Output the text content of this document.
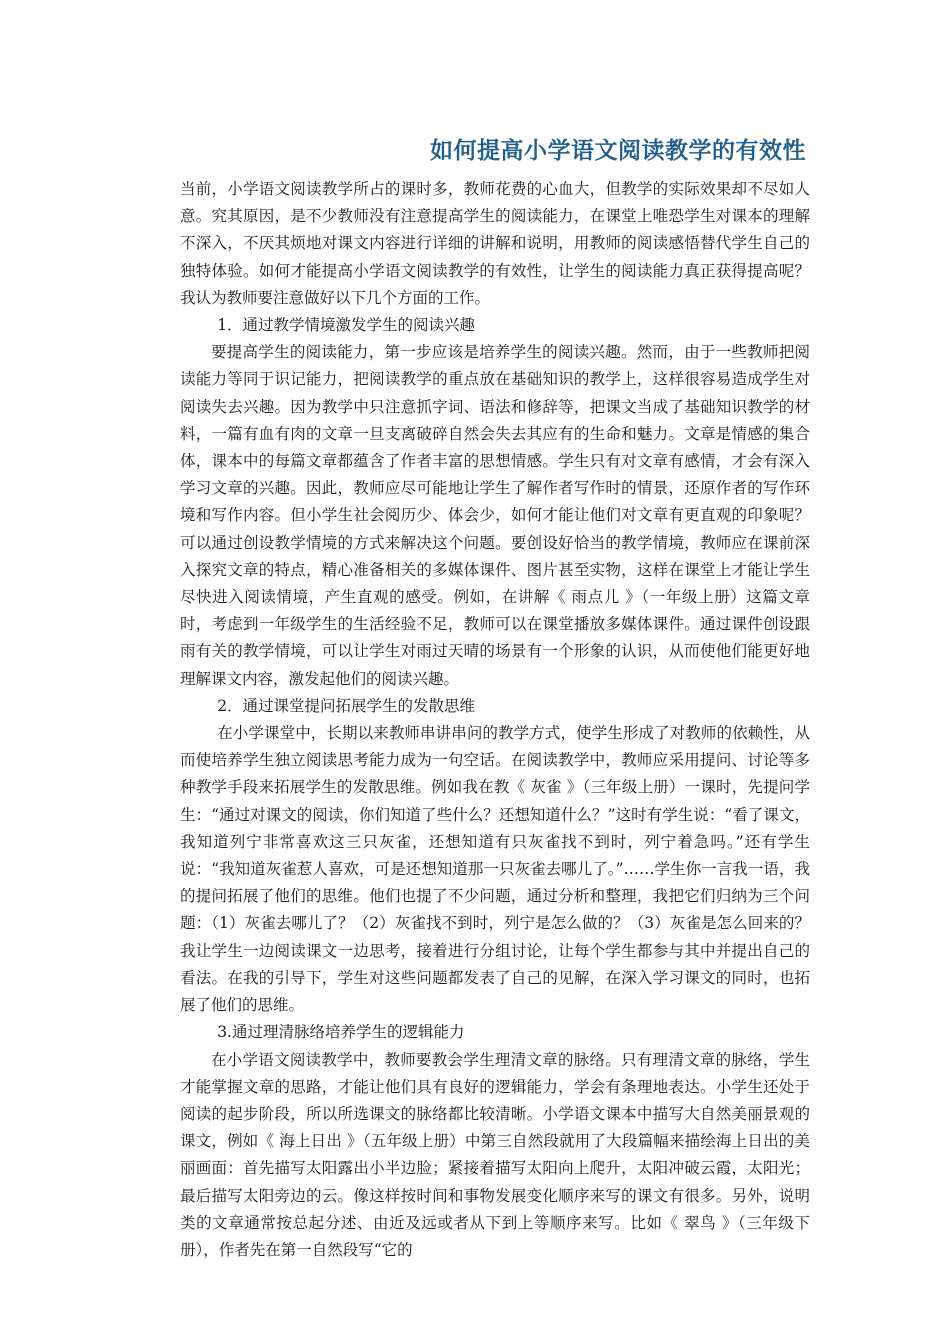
如何提高小学语文阅读教学的有效性

当前，小学语文阅读教学所占的课时多，教师花费的心血大，但教学的实际效果却不尽如人意。究其原因，是不少教师没有注意提高学生的阅读能力，在课堂上唯恐学生对课本的理解不深入，不厌其烦地对课文内容进行详细的讲解和说明，用教师的阅读感悟替代学生自己的独特体验。如何才能提高小学语文阅读教学的有效性，让学生的阅读能力真正获得提高呢？我认为教师要注意做好以下几个方面的工作。

1．通过教学情境激发学生的阅读兴趣

要提高学生的阅读能力，第一步应该是培养学生的阅读兴趣。然而，由于一些教师把阅读能力等同于识记能力，把阅读教学的重点放在基础知识的教学上，这样很容易造成学生对阅读失去兴趣。因为教学中只注意抓字词、语法和修辞等，把课文当成了基础知识教学的材料，一篇有血有肉的文章一旦支离破碎自然会失去其应有的生命和魅力。文章是情感的集合体，课本中的每篇文章都蕴含了作者丰富的思想情感。学生只有对文章有感情，才会有深入学习文章的兴趣。因此，教师应尽可能地让学生了解作者写作时的情景，还原作者的写作环境和写作内容。但小学生社会阅历少、体会少，如何才能让他们对文章有更直观的印象呢？可以通过创设教学情境的方式来解决这个问题。要创设好恰当的教学情境，教师应在课前深入探究文章的特点，精心准备相关的多媒体课件、图片甚至实物，这样在课堂上才能让学生尽快进入阅读情境，产生直观的感受。例如，在讲解《 雨点儿 》（一年级上册）这篇文章时，考虑到一年级学生的生活经验不足，教师可以在课堂播放多媒体课件。通过课件创设跟雨有关的教学情境，可以让学生对雨过天晴的场景有一个形象的认识，从而使他们能更好地理解课文内容，激发起他们的阅读兴趣。

2．通过课堂提问拓展学生的发散思维

在小学课堂中，长期以来教师串讲串问的教学方式，使学生形成了对教师的依赖性，从而使培养学生独立阅读思考能力成为一句空话。在阅读教学中，教师应采用提问、讨论等多种教学手段来拓展学生的发散思维。例如我在教《 灰雀 》（三年级上册）一课时，先提问学生：“通过对课文的阅读，你们知道了些什么？还想知道什么？”这时有学生说：“看了课文，我知道列宁非常喜欢这三只灰雀，还想知道有只灰雀找不到时，列宁着急吗。”还有学生说：“我知道灰雀惹人喜欢，可是还想知道那一只灰雀去哪儿了。”……学生你一言我一语，我的提问拓展了他们的思维。他们也提了不少问题，通过分析和整理，我把它们归纳为三个问题：（1）灰雀去哪儿了？（2）灰雀找不到时，列宁是怎么做的？（3）灰雀是怎么回来的？我让学生一边阅读课文一边思考，接着进行分组讨论，让每个学生都参与其中并提出自己的看法。在我的引导下，学生对这些问题都发表了自己的见解，在深入学习课文的同时，也拓展了他们的思维。

3.通过理清脉络培养学生的逻辑能力

在小学语文阅读教学中，教师要教会学生理清文章的脉络。只有理清文章的脉络，学生才能掌握文章的思路，才能让他们具有良好的逻辑能力，学会有条理地表达。小学生还处于阅读的起步阶段，所以所选课文的脉络都比较清晰。小学语文课本中描写大自然美丽景观的课文，例如《 海上日出 》（五年级上册）中第三自然段就用了大段篇幅来描绘海上日出的美丽画面：首先描写太阳露出小半边脸；紧接着描写太阳向上爬升，太阳冲破云霞，太阳光；最后描写太阳旁边的云。像这样按时间和事物发展变化顺序来写的课文有很多。另外，说明类的文章通常按总起分述、由近及远或者从下到上等顺序来写。比如《 翠鸟 》（三年级下册），作者先在第一自然段写“它的
